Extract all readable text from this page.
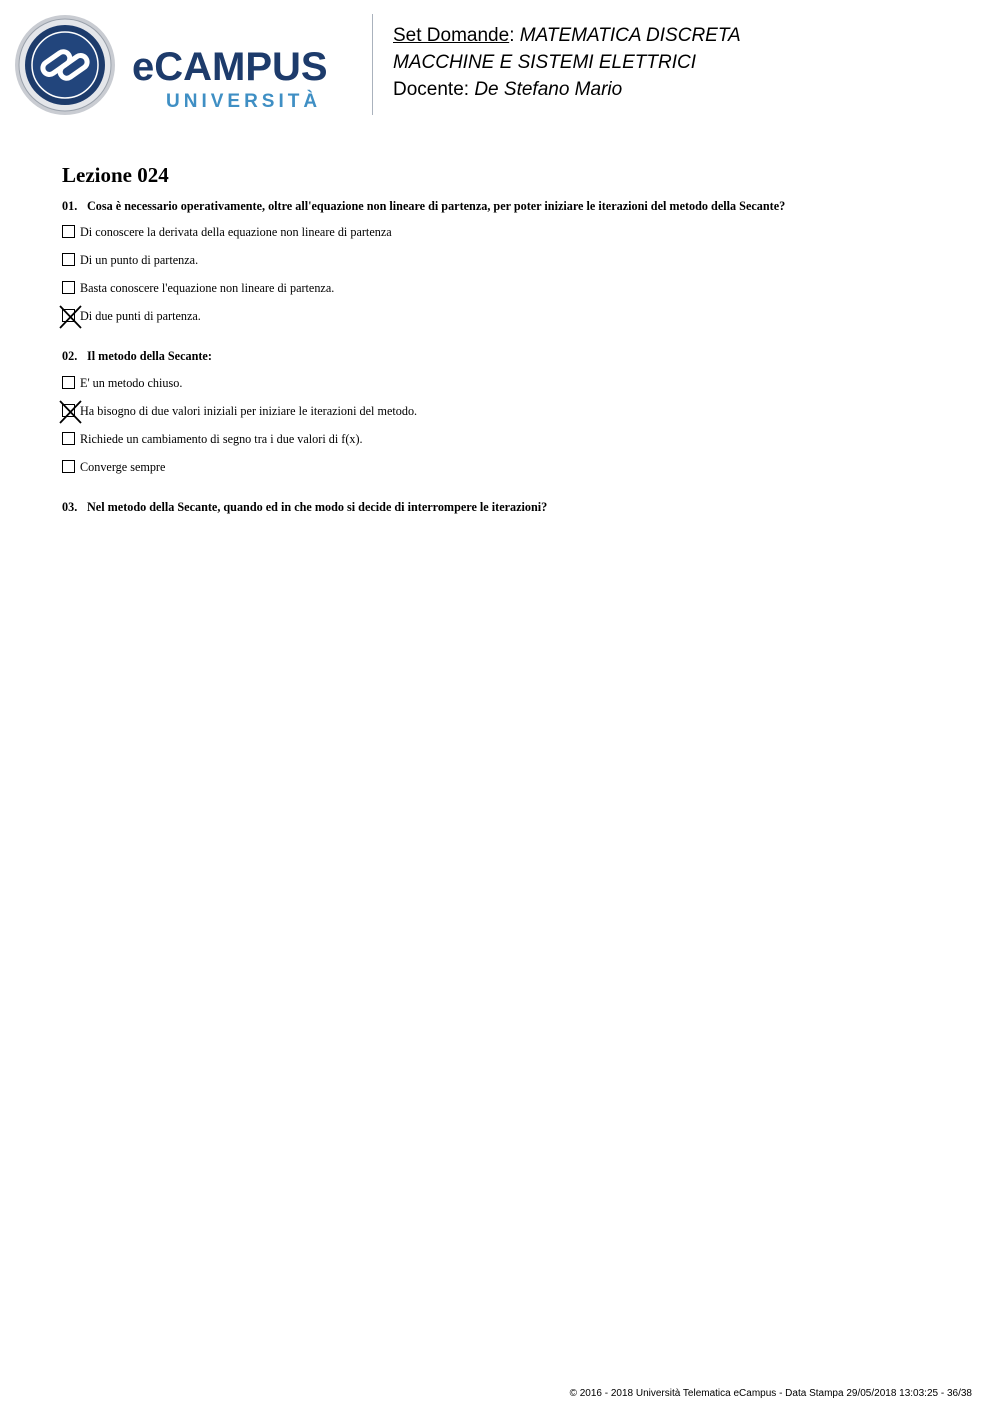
eCAMPUS
UNIVERSITÀ
Set Domande: MATEMATICA DISCRETA
MACCHINE E SISTEMI ELETTRICI
Docente: De Stefano Mario
Lezione 024

01. Cosa è necessario operativamente, oltre all'equazione non lineare di partenza, per poter iniziare le iterazioni del metodo della Secante?

Di conoscere la derivata della equazione non lineare di partenza
Di un punto di partenza.
Basta conoscere l'equazione non lineare di partenza.
Di due punti di partenza.

02. Il metodo della Secante:

E' un metodo chiuso.
Ha bisogno di due valori iniziali per iniziare le iterazioni del metodo.
Richiede un cambiamento di segno tra i due valori di f(x).
Converge sempre

03. Nel metodo della Secante, quando ed in che modo si decide di interrompere le iterazioni?

© 2016 - 2018 Università Telematica eCampus - Data Stampa 29/05/2018 13:03:25 - 36/38
